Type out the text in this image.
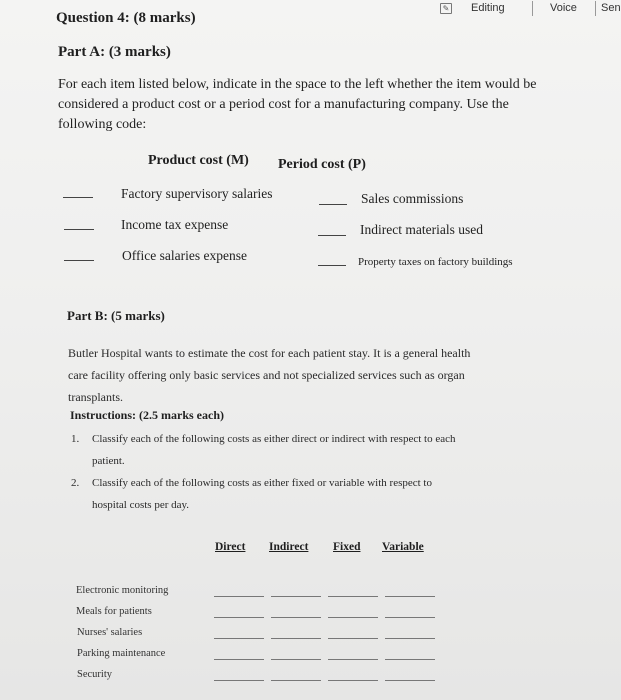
✎ Editing	Voice Sen
Question 4: (8 marks)
Part A: (3 marks)
For each item listed below, indicate in the space to the left whether the item would be
considered a product cost or a period cost for a manufacturing company. Use the
following code:
Product cost (M) Period cost (P)
Factory supervisory salaries
Income tax expense
Office salaries expense
Sales commissions
Indirect materials used
Property taxes on factory buildings
Part B: (5 marks)
Butler Hospital wants to estimate the cost for each patient stay. It is a general health
care facility offering only basic services and not specialized services such as organ
transplants.
Instructions: (2.5 marks each)
1. Classify each of the following costs as either direct or indirect with respect to each
patient.
2. Classify each of the following costs as either fixed or variable with respect to
hospital costs per day.
Direct Indirect Fixed Variable
Electronic monitoring
Meals for patients
Nurses' salaries
Parking maintenance
Security
